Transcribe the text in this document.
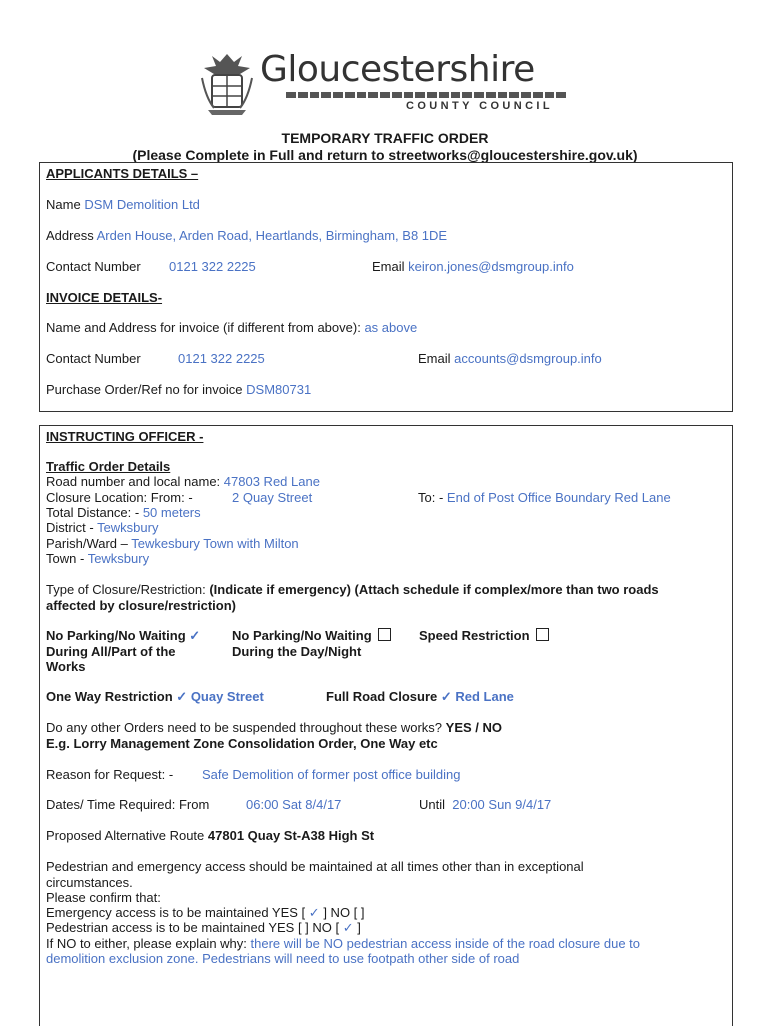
Gloucestershire
COUNTY COUNCIL
TEMPORARY TRAFFIC ORDER
(Please Complete in Full and return to streetworks@gloucestershire.gov.uk)
APPLICANTS DETAILS –
Name DSM Demolition Ltd
Address Arden House, Arden Road, Heartlands, Birmingham, B8 1DE
Contact Number 0121 322 2225	Email keiron.jones@dsmgroup.info
INVOICE DETAILS-
Name and Address for invoice (if different from above): as above
Contact Number	0121 322 2225	Email accounts@dsmgroup.info
Purchase Order/Ref no for invoice DSM80731
INSTRUCTING OFFICER -
Traffic Order Details
Road number and local name: 47803 Red Lane
Closure Location: From: -	2 Quay Street	To: - End of Post Office Boundary Red Lane
Total Distance: - 50 meters
District - Tewksbury
Parish/Ward – Tewkesbury Town with Milton
Town - Tewksbury
Type of Closure/Restriction: (Indicate if emergency) (Attach schedule if complex/more than two roads
affected by closure/restriction)
No Parking/No Waiting ✓
During All/Part of the
Works
No Parking/No Waiting
During the Day/Night
Speed Restriction
One Way Restriction ✓ Quay Street	Full Road Closure ✓ Red Lane
Do any other Orders need to be suspended throughout these works? YES / NO
E.g. Lorry Management Zone Consolidation Order, One Way etc
Reason for Request: - Safe Demolition of former post office building
Dates/ Time Required: From	06:00 Sat 8/4/17	Until 20:00 Sun 9/4/17
Proposed Alternative Route 47801 Quay St-A38 High St
Pedestrian and emergency access should be maintained at all times other than in exceptional
circumstances.
Please confirm that:
Emergency access is to be maintained YES [ ✓ ] NO [ ]
Pedestrian access is to be maintained YES [ ] NO [ ✓ ]
If NO to either, please explain why: there will be NO pedestrian access inside of the road closure due to
demolition exclusion zone. Pedestrians will need to use footpath other side of road
